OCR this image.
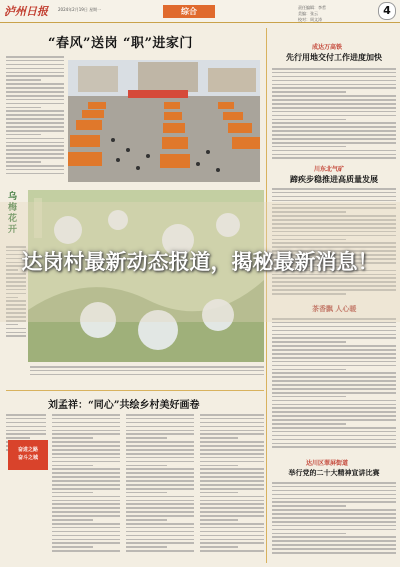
泸州日报	2024年2月19日 星期一	综合	责任编辑：李哲
美编：张云
校对：周文涛
4
“春风”送岗 “职”进家门	成达万高铁
先行用地交付工作进度加快
川东北气矿
蹄疾步稳推进高质量发展
茶香飘 人心暖
乌梅花开
达岗村最新动态报道，揭秘最新消息！
刘孟祥：“同心”共绘乡村美好画卷
奋进之路
奋斗之城
达川区翠屏街道
举行党的二十大精神宣讲比赛
